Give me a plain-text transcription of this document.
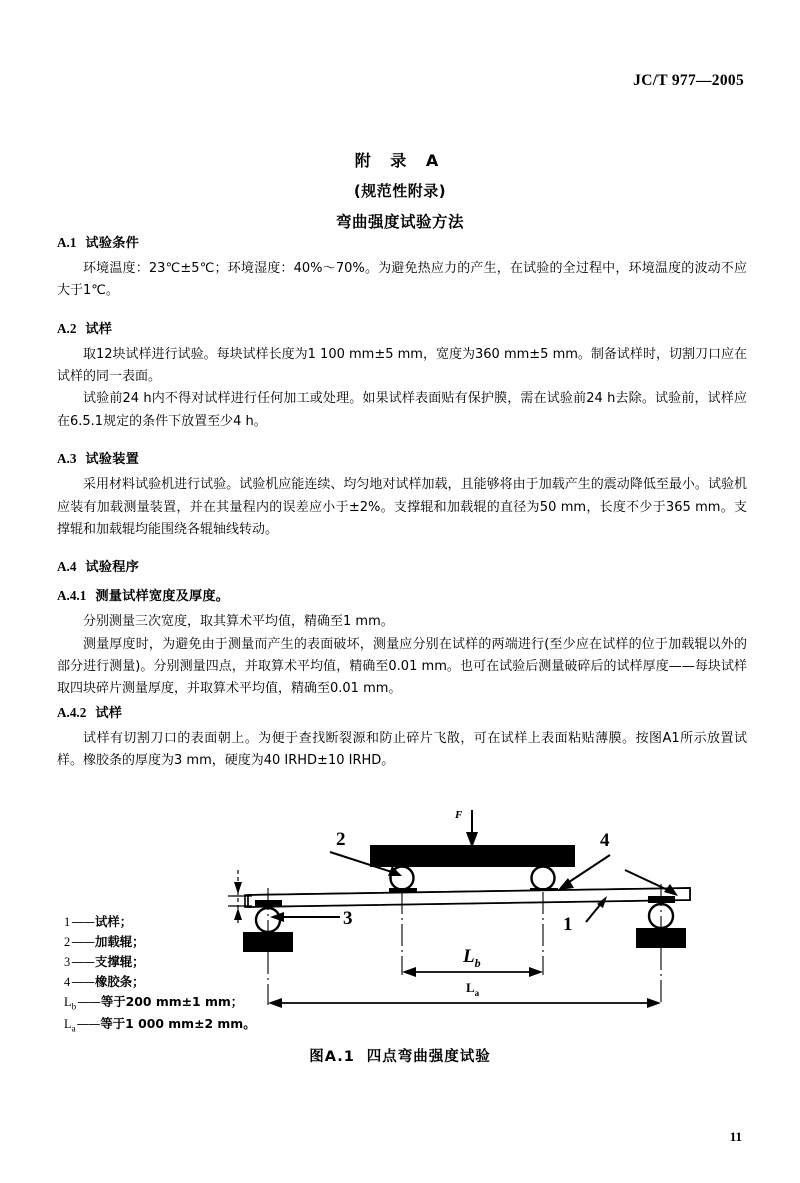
JC/T 977—2005
附 录 A
(规范性附录)
弯曲强度试验方法
A.1 试验条件

环境温度：23℃±5℃；环境湿度：40%～70%。为避免热应力的产生，在试验的全过程中，环境温度的波动不应大于1℃。

A.2 试样

取12块试样进行试验。每块试样长度为1 100 mm±5 mm，宽度为360 mm±5 mm。制备试样时，切割刀口应在试样的同一表面。

试验前24 h内不得对试样进行任何加工或处理。如果试样表面贴有保护膜，需在试验前24 h去除。试验前，试样应在6.5.1规定的条件下放置至少4 h。

A.3 试验装置

采用材料试验机进行试验。试验机应能连续、均匀地对试样加载，且能够将由于加载产生的震动降低至最小。试验机应装有加载测量装置，并在其量程内的误差应小于±2%。支撑辊和加载辊的直径为50 mm，长度不少于365 mm。支撑辊和加载辊均能围绕各辊轴线转动。

A.4 试验程序
A.4.1 测量试样宽度及厚度。

分别测量三次宽度，取其算术平均值，精确至1 mm。

测量厚度时，为避免由于测量而产生的表面破坏，测量应分别在试样的两端进行(至少应在试样的位于加载辊以外的部分进行测量)。分别测量四点，并取算术平均值，精确至0.01 mm。也可在试验后测量破碎后的试样厚度——每块试样取四块碎片测量厚度，并取算术平均值，精确至0.01 mm。

A.4.2 试样

试样有切割刀口的表面朝上。为便于查找断裂源和防止碎片飞散，可在试样上表面粘贴薄膜。按图A1所示放置试样。橡胶条的厚度为3 mm，硬度为40 IRHD±10 IRHD。

F
2
3
4
1
$L_b$
$L_a$
1——试样；
2——加载辊；
3——支撑辊；
4——橡胶条；
$L_b——$等于200 mm±1 mm；
$L_a——$等于1 000 mm±2 mm。
图A.1 四点弯曲强度试验
11
